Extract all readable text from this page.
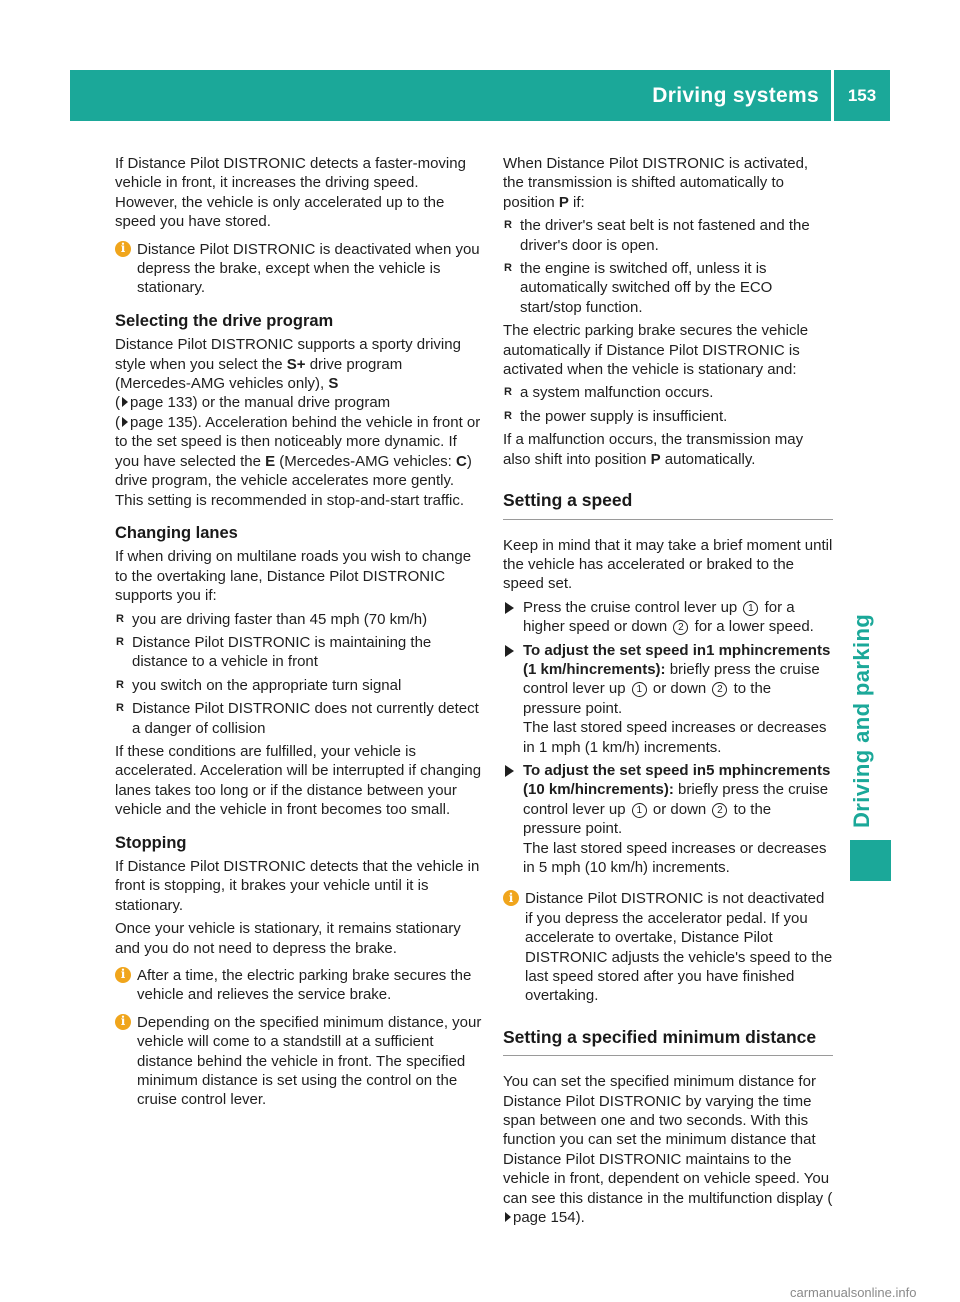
Driving systems	153
Driving and parking

If Distance Pilot DISTRONIC detects a faster-moving vehicle in front, it increases the driving speed. However, the vehicle is only accelerated up to the speed you have stored.

i Distance Pilot DISTRONIC is deactivated when you depress the brake, except when the vehicle is stationary.
Selecting the drive program

Distance Pilot DISTRONIC supports a sporty driving style when you select the S+ drive program (Mercedes-AMG vehicles only), S
( page 133) or the manual drive program
( page 135). Acceleration behind the vehicle in front or to the set speed is then noticeably more dynamic. If you have selected the E (Mercedes-AMG vehicles: C) drive program, the vehicle accelerates more gently. This setting is recommended in stop-and-start traffic.

Changing lanes

If when driving on multilane roads you wish to change to the overtaking lane, Distance Pilot DISTRONIC supports you if:

R you are driving faster than 45 mph (70 km/h)
R Distance Pilot DISTRONIC is maintaining the distance to a vehicle in front
R you switch on the appropriate turn signal
R Distance Pilot DISTRONIC does not currently detect a danger of collision

If these conditions are fulfilled, your vehicle is accelerated. Acceleration will be interrupted if changing lanes takes too long or if the distance between your vehicle and the vehicle in front becomes too small.

Stopping

If Distance Pilot DISTRONIC detects that the vehicle in front is stopping, it brakes your vehicle until it is stationary.

Once your vehicle is stationary, it remains stationary and you do not need to depress the brake.

i After a time, the electric parking brake secures the vehicle and relieves the service brake.
i Depending on the specified minimum distance, your vehicle will come to a standstill at a sufficient distance behind the vehicle in front. The specified minimum distance is set using the control on the cruise control lever.

When Distance Pilot DISTRONIC is activated, the transmission is shifted automatically to position P if:

R the driver's seat belt is not fastened and the driver's door is open.
R the engine is switched off, unless it is automatically switched off by the ECO start/stop function.

The electric parking brake secures the vehicle automatically if Distance Pilot DISTRONIC is activated when the vehicle is stationary and:

R a system malfunction occurs.
R the power supply is insufficient.

If a malfunction occurs, the transmission may also shift into position P automatically.

Setting a speed

Keep in mind that it may take a brief moment until the vehicle has accelerated or braked to the speed set.

Press the cruise control lever up 1 for a higher speed or down 2 for a lower speed.
To adjust the set speed in1 mphincrements (1 km/hincrements): briefly press the cruise control lever up 1 or down 2 to the pressure point.
The last stored speed increases or decreases in 1 mph (1 km/h) increments.
To adjust the set speed in5 mphincrements (10 km/hincrements): briefly press the cruise control lever up 1 or down 2 to the pressure point.
The last stored speed increases or decreases in 5 mph (10 km/h) increments.
i Distance Pilot DISTRONIC is not deactivated if you depress the accelerator pedal. If you accelerate to overtake, Distance Pilot DISTRONIC adjusts the vehicle's speed to the last speed stored after you have finished overtaking.
Setting a specified minimum distance

You can set the specified minimum distance for Distance Pilot DISTRONIC by varying the time span between one and two seconds. With this function you can set the minimum distance that Distance Pilot DISTRONIC maintains to the vehicle in front, dependent on vehicle speed. You can see this distance in the multifunction display (page 154).

carmanualsonline.info
